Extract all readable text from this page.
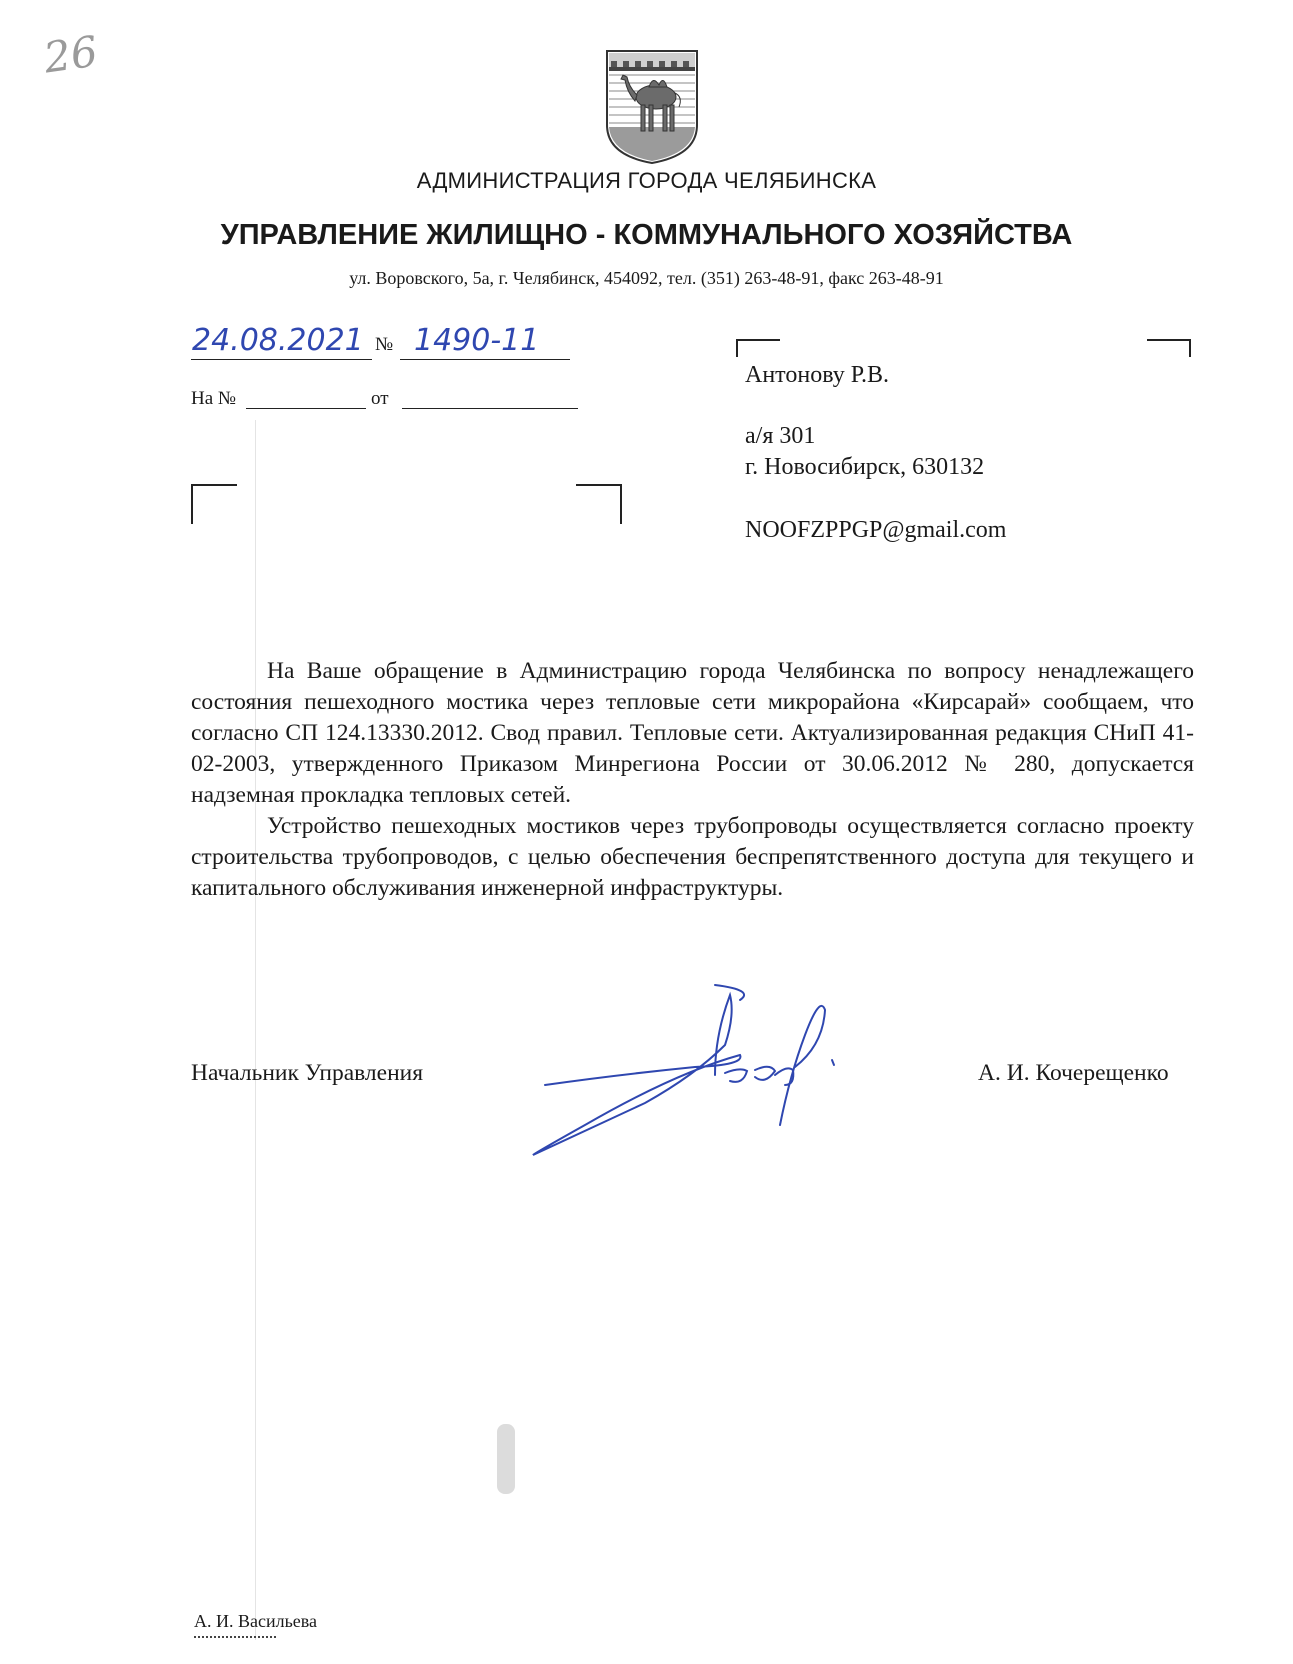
26
АДМИНИСТРАЦИЯ ГОРОДА ЧЕЛЯБИНСКА
УПРАВЛЕНИЕ ЖИЛИЩНО - КОММУНАЛЬНОГО ХОЗЯЙСТВА
ул. Воровского, 5а, г. Челябинск, 454092, тел. (351) 263-48-91, факс 263-48-91
24.08.2021 № 1490-11
На №	от
Антонову Р.В.
а/я 301
г. Новосибирск, 630132
NOOFZPPGP@gmail.com

На Ваше обращение в Администрацию города Челябинска по вопросу ненадлежащего состояния пешеходного мостика через тепловые сети микрорайона «Кирсарай» сообщаем, что согласно СП 124.13330.2012. Свод правил. Тепловые сети. Актуализированная редакция СНиП 41-02-2003, утвержденного Приказом Минрегиона России от 30.06.2012 № 280, допускается надземная прокладка тепловых сетей.

Устройство пешеходных мостиков через трубопроводы осуществляется согласно проекту строительства трубопроводов, с целью обеспечения беспрепятственного доступа для текущего и капитального обслуживания инженерной инфраструктуры.

Начальник Управления	А. И. Кочерещенко
А. И. Васильева
